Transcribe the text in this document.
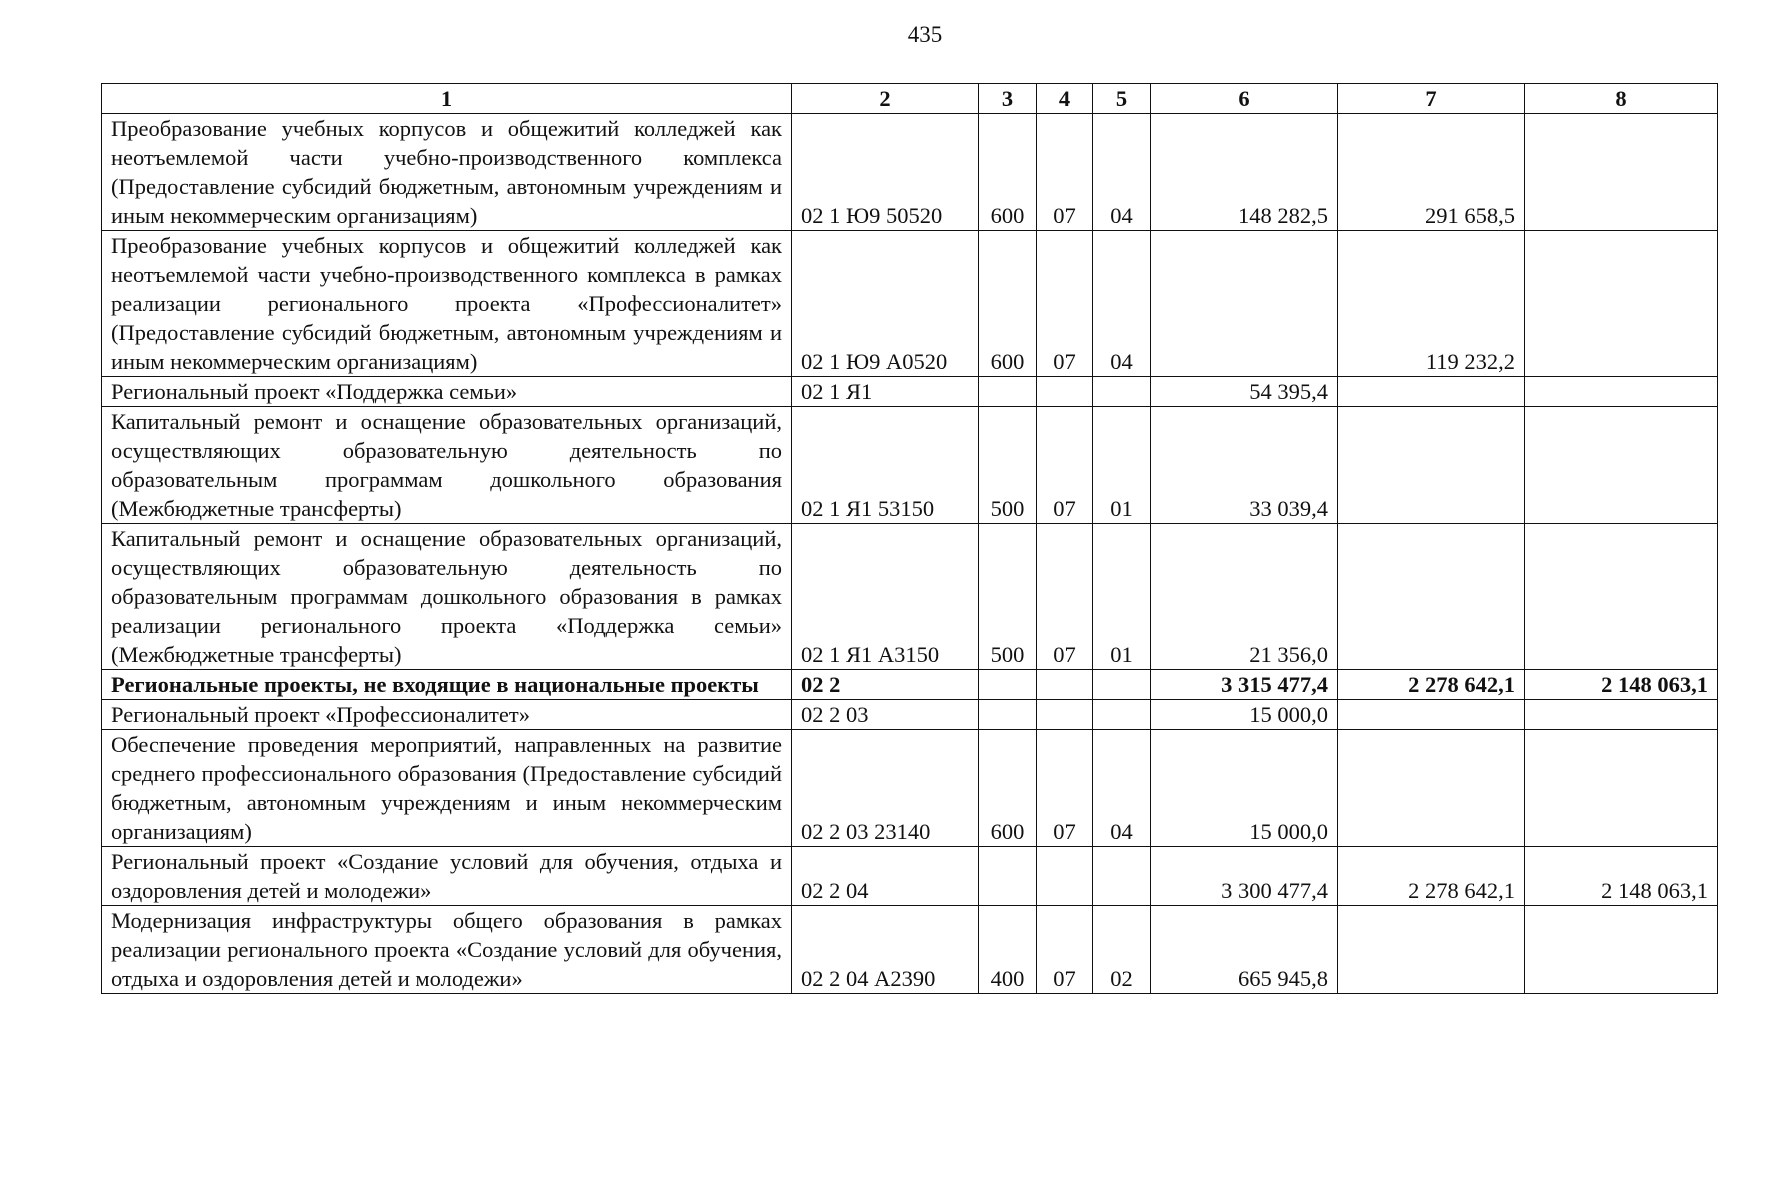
435
1	2	3	4	5	6	7	8
Преобразование учебных корпусов и общежитий колледжей как неотъемлемой части учебно-производственного комплекса (Предоставление субсидий бюджетным, автономным учреждениям и иным некоммерческим организациям)	02 1 Ю9 50520	600	07	04	148 282,5	291 658,5	
Преобразование учебных корпусов и общежитий колледжей как неотъемлемой части учебно-производственного комплекса в рамках реализации регионального проекта «Профессионалитет» (Предоставление субсидий бюджетным, автономным учреждениям и иным некоммерческим организациям)	02 1 Ю9 А0520	600	07	04		119 232,2	
Региональный проект «Поддержка семьи»	02 1 Я1				54 395,4		
Капитальный ремонт и оснащение образовательных организаций, осуществляющих образовательную деятельность по образовательным программам дошкольного образования (Межбюджетные трансферты)	02 1 Я1 53150	500	07	01	33 039,4		
Капитальный ремонт и оснащение образовательных организаций, осуществляющих образовательную деятельность по образовательным программам дошкольного образования в рамках реализации регионального проекта «Поддержка семьи» (Межбюджетные трансферты)	02 1 Я1 А3150	500	07	01	21 356,0		
Региональные проекты, не входящие в национальные проекты	02 2				3 315 477,4	2 278 642,1	2 148 063,1
Региональный проект «Профессионалитет»	02 2 03				15 000,0		
Обеспечение проведения мероприятий, направленных на развитие среднего профессионального образования (Предоставление субсидий бюджетным, автономным учреждениям и иным некоммерческим организациям)	02 2 03 23140	600	07	04	15 000,0		
Региональный проект «Создание условий для обучения, отдыха и оздоровления детей и молодежи»	02 2 04				3 300 477,4	2 278 642,1	2 148 063,1
Модернизация инфраструктуры общего образования в рамках реализации регионального проекта «Создание условий для обучения, отдыха и оздоровления детей и молодежи»	02 2 04 А2390	400	07	02	665 945,8		
